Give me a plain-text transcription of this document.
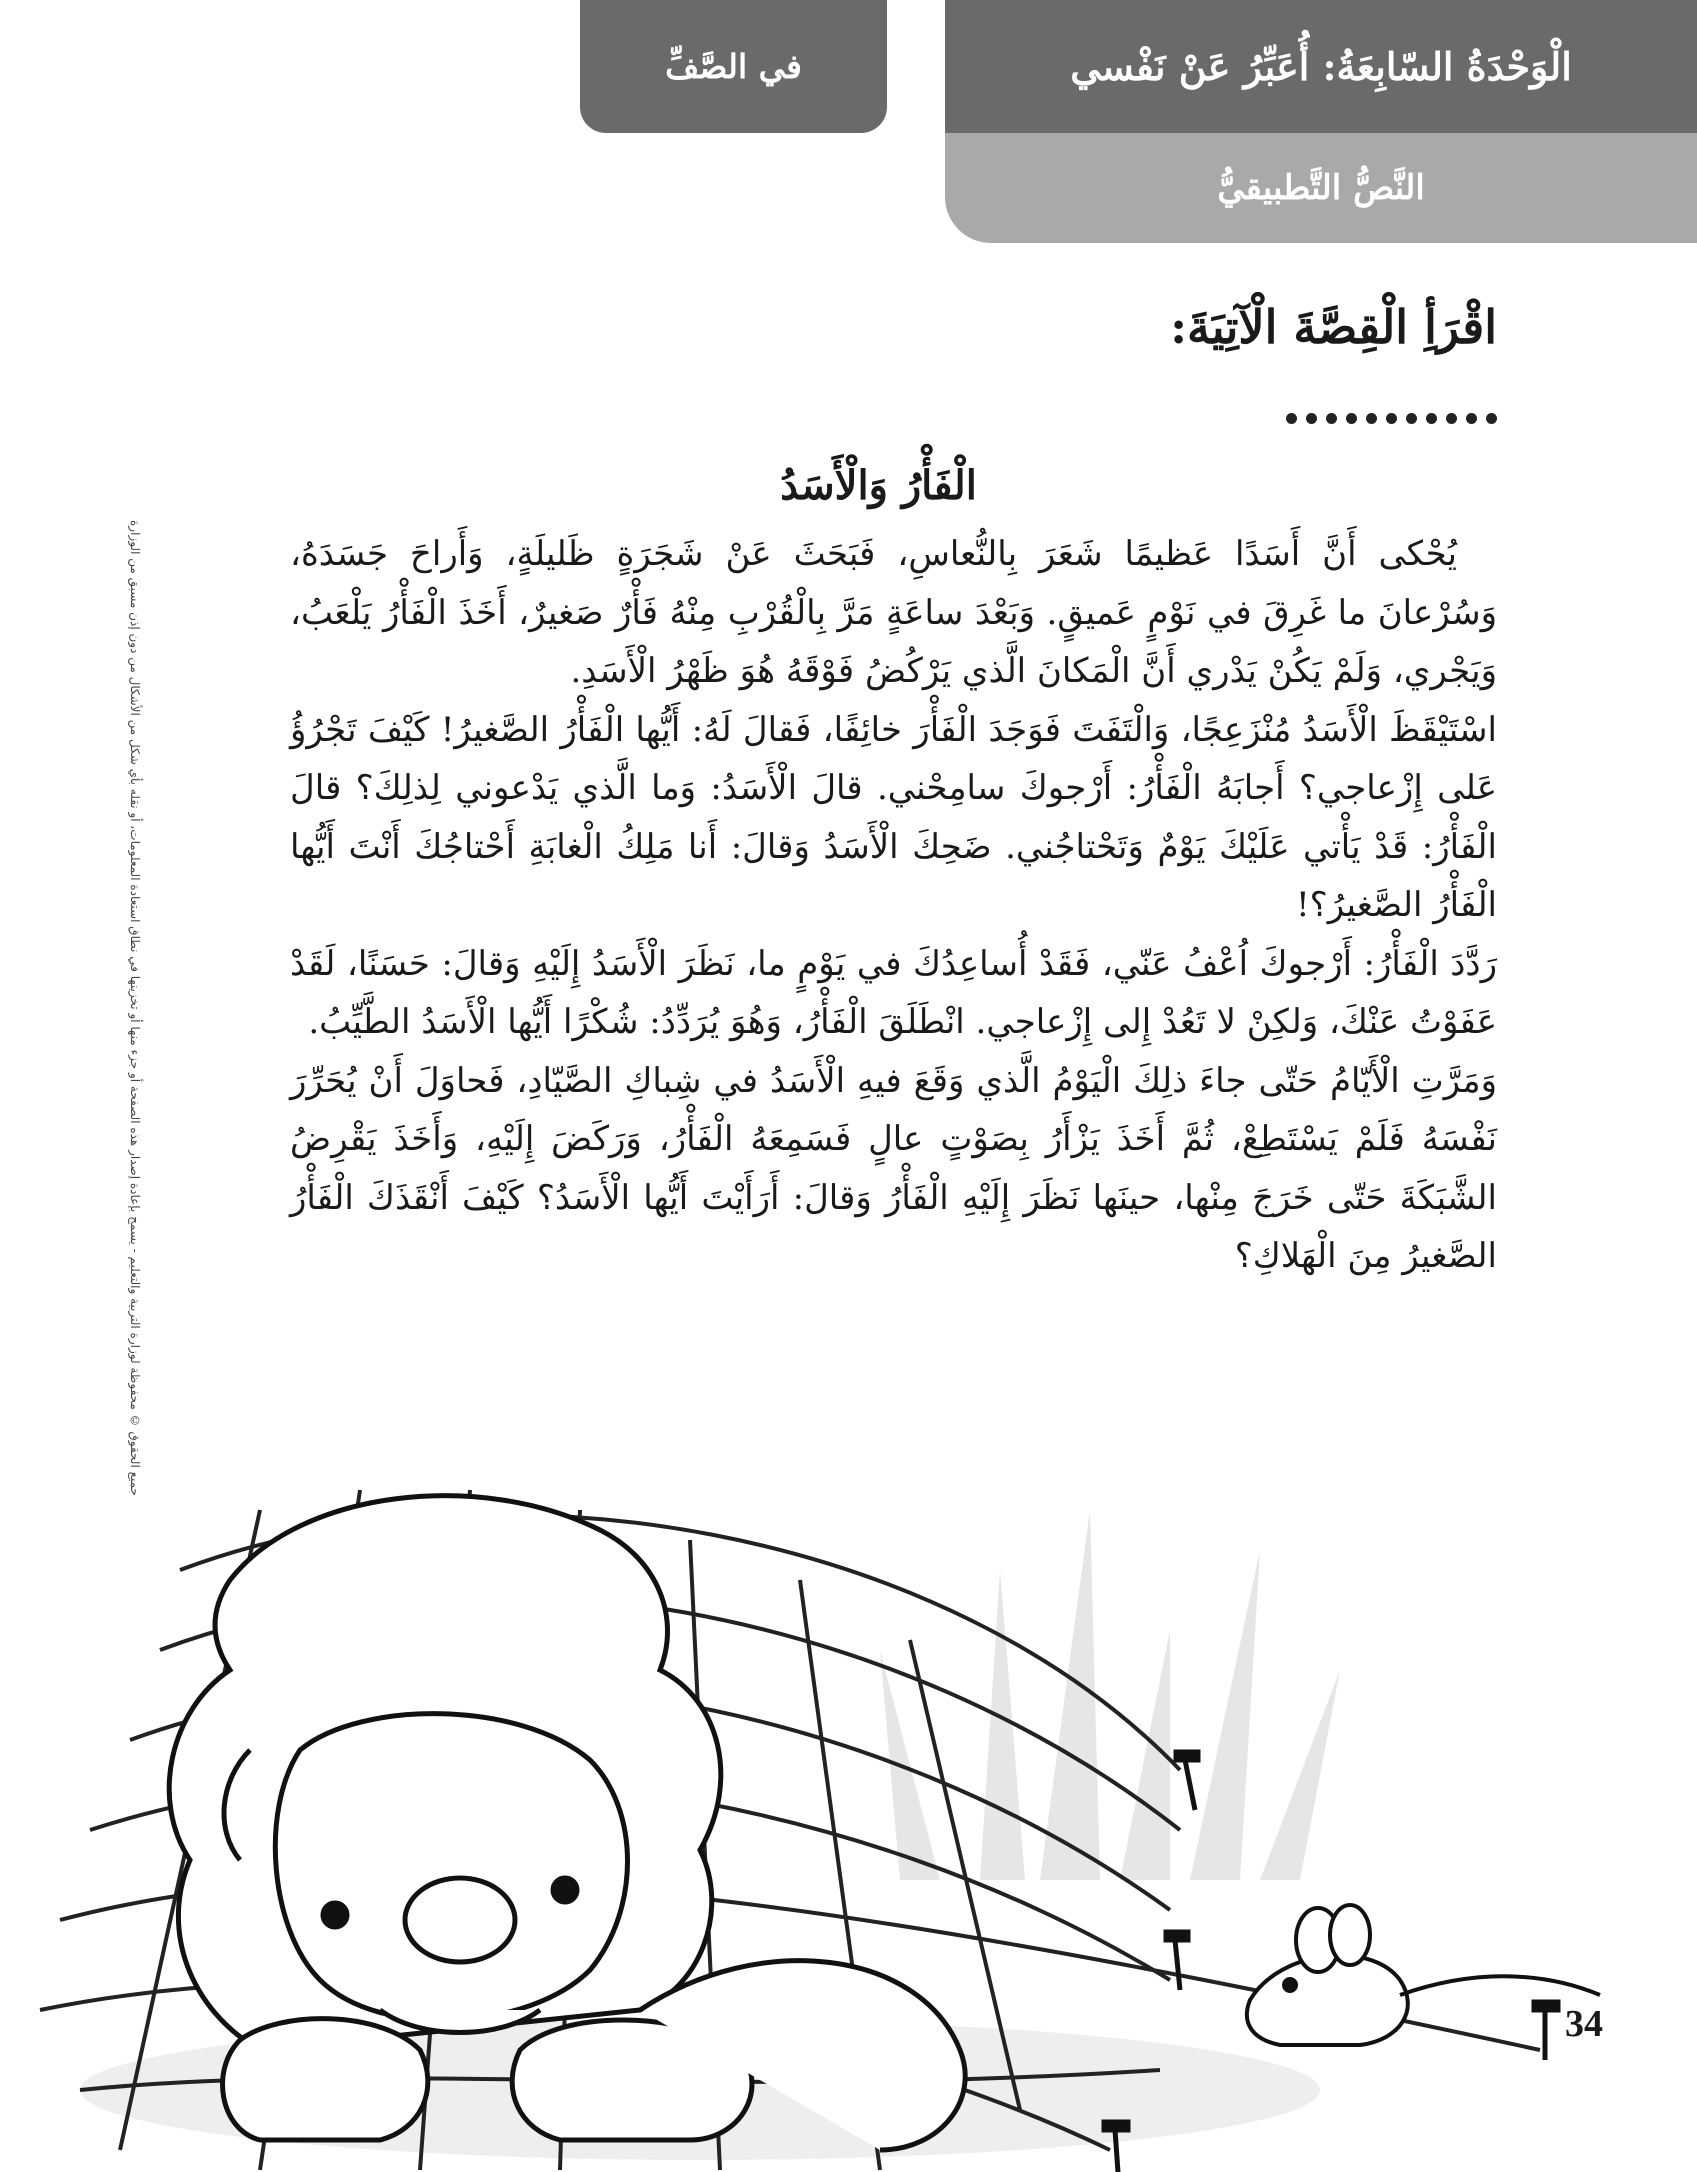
في الصَّفِّ	الْوَحْدَةُ السّابِعَةُ: أُعَبِّرُ عَنْ نَفْسي
النَّصُّ التَّطبيقيُّ
اقْرَأِ الْقِصَّةَ الْآتِيَةَ:
الْفَأْرُ وَالْأَسَدُ

يُحْكى أَنَّ أَسَدًا عَظيمًا شَعَرَ بِالنُّعاسِ، فَبَحَثَ عَنْ شَجَرَةٍ ظَليلَةٍ، وَأَراحَ جَسَدَهُ، وَسُرْعانَ ما غَرِقَ في نَوْمٍ عَميقٍ. وَبَعْدَ ساعَةٍ مَرَّ بِالْقُرْبِ مِنْهُ فَأْرٌ صَغيرٌ، أَخَذَ الْفَأْرُ يَلْعَبُ، وَيَجْري، وَلَمْ يَكُنْ يَدْري أَنَّ الْمَكانَ الَّذي يَرْكُضُ فَوْقَهُ هُوَ ظَهْرُ الْأَسَدِ.

اسْتَيْقَظَ الْأَسَدُ مُنْزَعِجًا، وَالْتَفَتَ فَوَجَدَ الْفَأْرَ خائِفًا، فَقالَ لَهُ: أَيُّها الْفَأْرُ الصَّغيرُ! كَيْفَ تَجْرُؤُ عَلى إِزْعاجي؟ أَجابَهُ الْفَأْرُ: أَرْجوكَ سامِحْني. قالَ الْأَسَدُ: وَما الَّذي يَدْعوني لِذلِكَ؟ قالَ الْفَأْرُ: قَدْ يَأْتي عَلَيْكَ يَوْمٌ وَتَحْتاجُني. ضَحِكَ الْأَسَدُ وَقالَ: أَنا مَلِكُ الْغابَةِ أَحْتاجُكَ أَنْتَ أَيُّها الْفَأْرُ الصَّغيرُ؟!

رَدَّدَ الْفَأْرُ: أَرْجوكَ اُعْفُ عَنّي، فَقَدْ أُساعِدُكَ في يَوْمٍ ما، نَظَرَ الْأَسَدُ إِلَيْهِ وَقالَ: حَسَنًا، لَقَدْ عَفَوْتُ عَنْكَ، وَلكِنْ لا تَعُدْ إِلى إِزْعاجي. انْطَلَقَ الْفَأْرُ، وَهُوَ يُرَدِّدُ: شُكْرًا أَيُّها الْأَسَدُ الطَّيِّبُ.

وَمَرَّتِ الْأَيّامُ حَتّى جاءَ ذلِكَ الْيَوْمُ الَّذي وَقَعَ فيهِ الْأَسَدُ في شِباكِ الصَّيّادِ، فَحاوَلَ أَنْ يُحَرِّرَ نَفْسَهُ فَلَمْ يَسْتَطِعْ، ثُمَّ أَخَذَ يَزْأَرُ بِصَوْتٍ عالٍ فَسَمِعَهُ الْفَأْرُ، وَرَكَضَ إِلَيْهِ، وَأَخَذَ يَقْرِضُ الشَّبَكَةَ حَتّى خَرَجَ مِنْها، حينَها نَظَرَ إِلَيْهِ الْفَأْرُ وَقالَ: أَرَأَيْتَ أَيُّها الْأَسَدُ؟ كَيْفَ أَنْقَذَكَ الْفَأْرُ الصَّغيرُ مِنَ الْهَلاكِ؟

جميع الحقوق © محفوظة لوزارة التربية والتعليم - يسمح بإعادة إصدار هذه الصفحة أو جزء منها أو تخزينها في نطاق استعادة المعلومات، أو نقله بأي شكل من الأشكال من دون إذن مسبق من الوزارة
34
